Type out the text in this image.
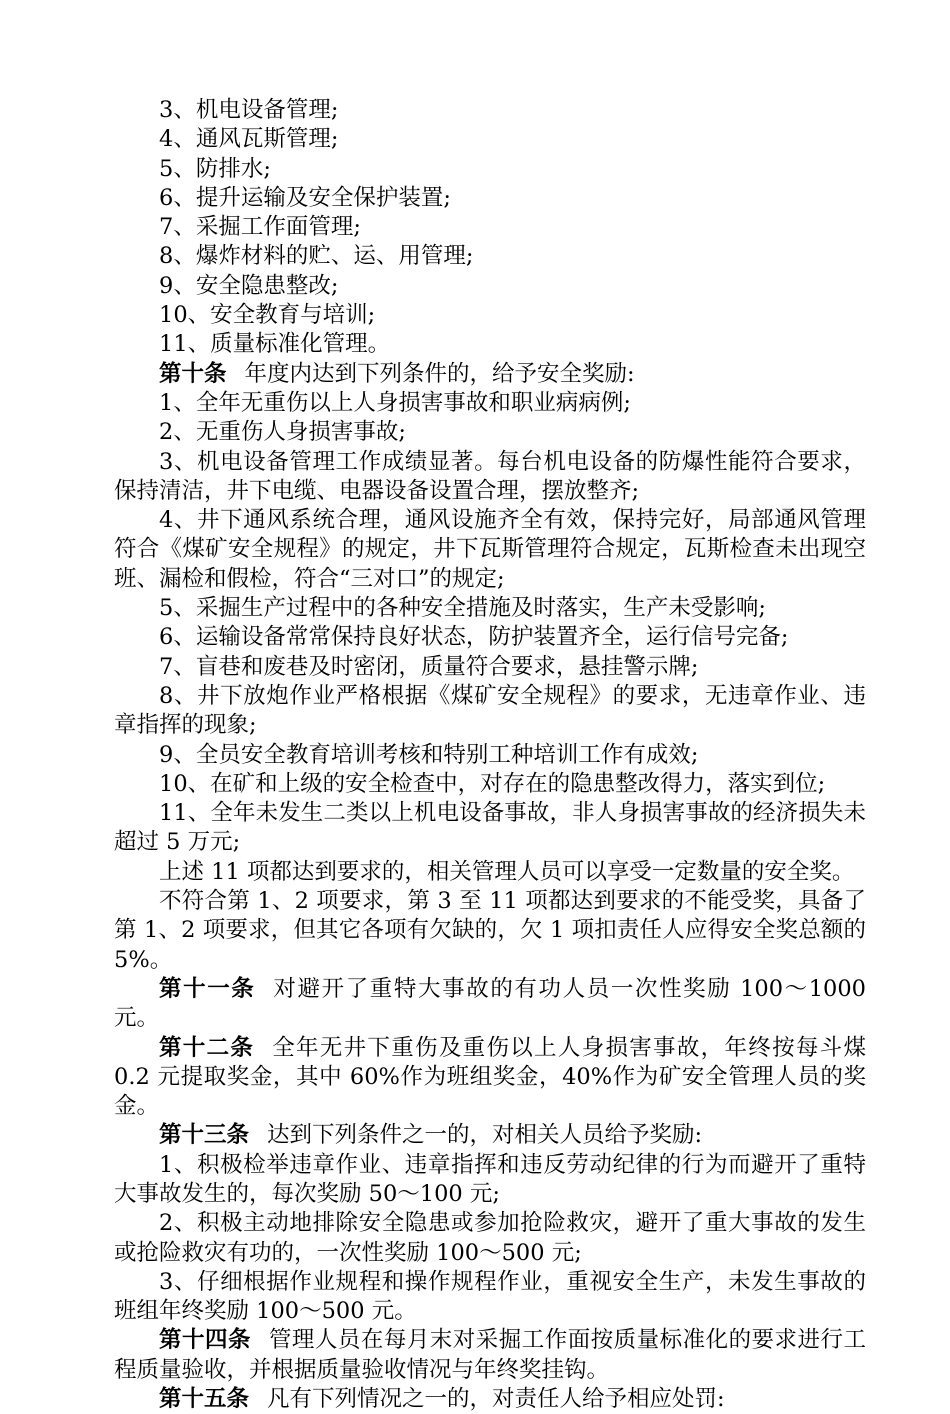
3、机电设备管理;

4、通风瓦斯管理;

5、防排水;

6、提升运输及安全保护装置;

7、采掘工作面管理;

8、爆炸材料的贮、运、用管理;

9、安全隐患整改;

10、安全教育与培训;

11、质量标准化管理。

第十条 年度内达到下列条件的，给予安全奖励:

1、全年无重伤以上人身损害事故和职业病病例;

2、无重伤人身损害事故;

3、机电设备管理工作成绩显著。每台机电设备的防爆性能符合要求，保持清洁，井下电缆、电器设备设置合理，摆放整齐;

4、井下通风系统合理，通风设施齐全有效，保持完好，局部通风管理符合《煤矿安全规程》的规定，井下瓦斯管理符合规定，瓦斯检查未出现空班、漏检和假检，符合“三对口”的规定;

5、采掘生产过程中的各种安全措施及时落实，生产未受影响;

6、运输设备常常保持良好状态，防护装置齐全，运行信号完备;

7、盲巷和废巷及时密闭，质量符合要求，悬挂警示牌;

8、井下放炮作业严格根据《煤矿安全规程》的要求，无违章作业、违章指挥的现象;

9、全员安全教育培训考核和特别工种培训工作有成效;

10、在矿和上级的安全检查中，对存在的隐患整改得力，落实到位;

11、全年未发生二类以上机电设备事故，非人身损害事故的经济损失未超过 5 万元;

上述 11 项都达到要求的，相关管理人员可以享受一定数量的安全奖。

不符合第 1、2 项要求，第 3 至 11 项都达到要求的不能受奖，具备了第 1、2 项要求，但其它各项有欠缺的，欠 1 项扣责任人应得安全奖总额的 5%。

第十一条 对避开了重特大事故的有功人员一次性奖励 100～1000 元。

第十二条 全年无井下重伤及重伤以上人身损害事故，年终按每斗煤 0.2 元提取奖金，其中 60%作为班组奖金，40%作为矿安全管理人员的奖金。

第十三条 达到下列条件之一的，对相关人员给予奖励:

1、积极检举违章作业、违章指挥和违反劳动纪律的行为而避开了重特大事故发生的，每次奖励 50～100 元;

2、积极主动地排除安全隐患或参加抢险救灾，避开了重大事故的发生或抢险救灾有功的，一次性奖励 100～500 元;

3、仔细根据作业规程和操作规程作业，重视安全生产，未发生事故的班组年终奖励 100～500 元。

第十四条 管理人员在每月末对采掘工作面按质量标准化的要求进行工程质量验收，并根据质量验收情况与年终奖挂钩。

第十五条 凡有下列情况之一的，对责任人给予相应处罚:
